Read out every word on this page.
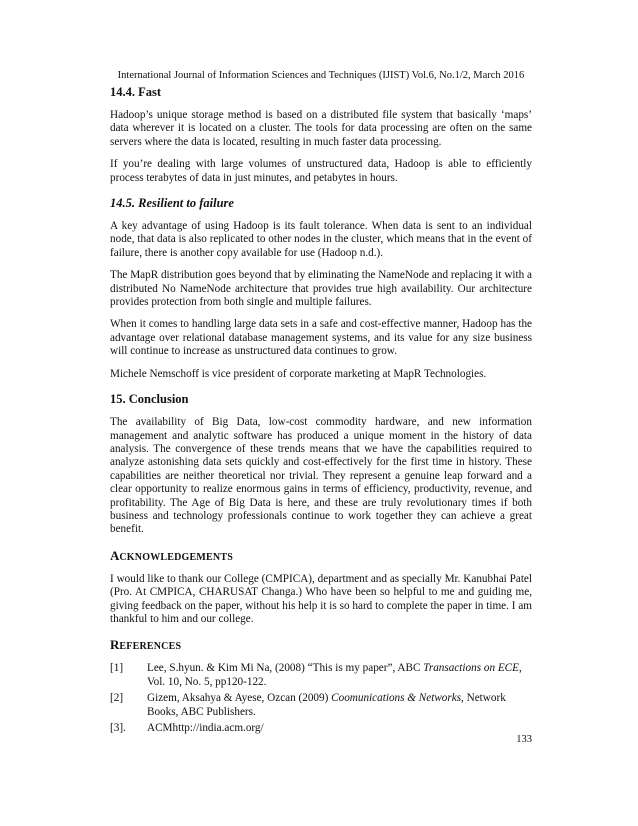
International Journal of Information Sciences and Techniques (IJIST) Vol.6, No.1/2, March 2016
14.4. Fast

Hadoop’s unique storage method is based on a distributed file system that basically ‘maps’ data wherever it is located on a cluster. The tools for data processing are often on the same servers where the data is located, resulting in much faster data processing.

If you’re dealing with large volumes of unstructured data, Hadoop is able to efficiently process terabytes of data in just minutes, and petabytes in hours.

14.5. Resilient to failure

A key advantage of using Hadoop is its fault tolerance. When data is sent to an individual node, that data is also replicated to other nodes in the cluster, which means that in the event of failure, there is another copy available for use (Hadoop n.d.).

The MapR distribution goes beyond that by eliminating the NameNode and replacing it with a distributed No NameNode architecture that provides true high availability. Our architecture provides protection from both single and multiple failures.

When it comes to handling large data sets in a safe and cost-effective manner, Hadoop has the advantage over relational database management systems, and its value for any size business will continue to increase as unstructured data continues to grow.

Michele Nemschoff is vice president of corporate marketing at MapR Technologies.

15. Conclusion

The availability of Big Data, low-cost commodity hardware, and new information management and analytic software has produced a unique moment in the history of data analysis. The convergence of these trends means that we have the capabilities required to analyze astonishing data sets quickly and cost-effectively for the first time in history. These capabilities are neither theoretical nor trivial. They represent a genuine leap forward and a clear opportunity to realize enormous gains in terms of efficiency, productivity, revenue, and profitability. The Age of Big Data is here, and these are truly revolutionary times if both business and technology professionals continue to work together they can achieve a great benefit.

ACKNOWLEDGEMENTS

I would like to thank our College (CMPICA), department and as specially Mr. Kanubhai Patel (Pro. At CMPICA, CHARUSAT Changa.) Who have been so helpful to me and guiding me, giving feedback on the paper, without his help it is so hard to complete the paper in time. I am thankful to him and our college.

REFERENCES
[1]	Lee, S.hyun. & Kim Mi Na, (2008) “This is my paper”, ABC Transactions on ECE, Vol. 10, No. 5, pp120-122.
[2]	Gizem, Aksahya & Ayese, Ozcan (2009) Coomunications & Networks, Network Books, ABC Publishers.
[3].	ACMhttp://india.acm.org/
133
